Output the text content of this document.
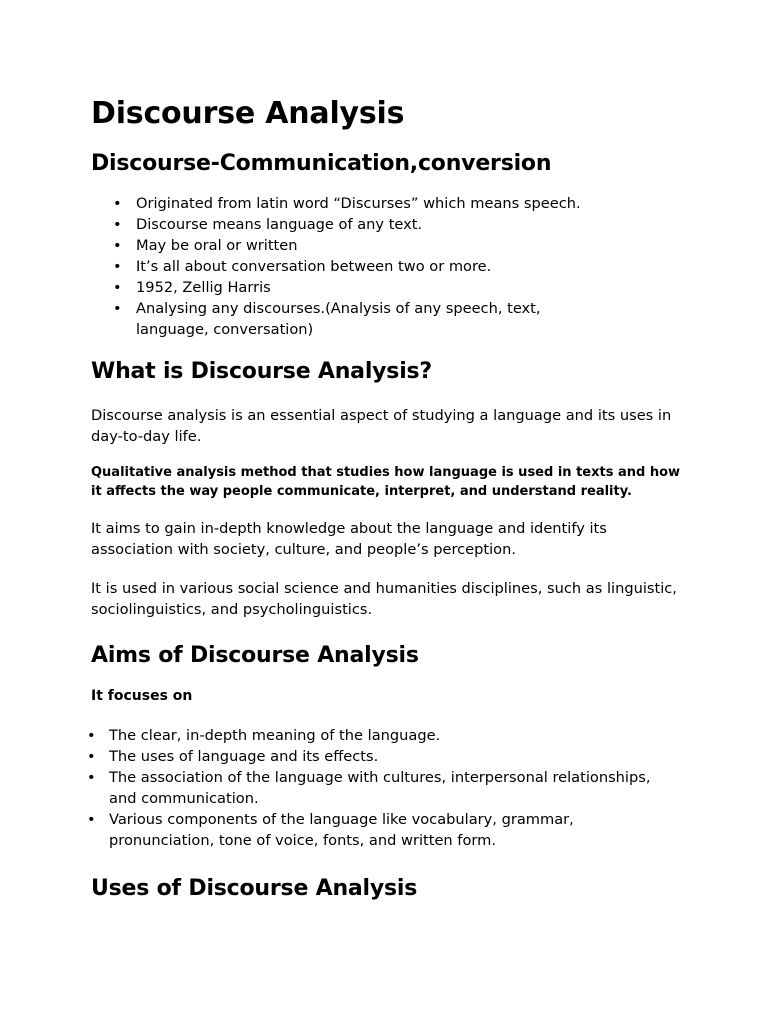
Discourse Analysis
Discourse-Communication,conversion
• Originated from latin word “Discurses” which means speech.
• Discourse means language of any text.
• May be oral or written
• It’s all about conversation between two or more.
• 1952, Zellig Harris
• Analysing any discourses.(Analysis of any speech, text, language, conversation)
What is Discourse Analysis?

Discourse analysis is an essential aspect of studying a language and its uses in day-to-day life.

Qualitative analysis method that studies how language is used in texts and how it affects the way people communicate, interpret, and understand reality.

It aims to gain in-depth knowledge about the language and identify its association with society, culture, and people’s perception.

It is used in various social science and humanities disciplines, such as linguistic, sociolinguistics, and psycholinguistics.

Aims of Discourse Analysis

It focuses on

• The clear, in-depth meaning of the language.
• The uses of language and its effects.
• The association of the language with cultures, interpersonal relationships, and communication.
• Various components of the language like vocabulary, grammar, pronunciation, tone of voice, fonts, and written form.
Uses of Discourse Analysis
